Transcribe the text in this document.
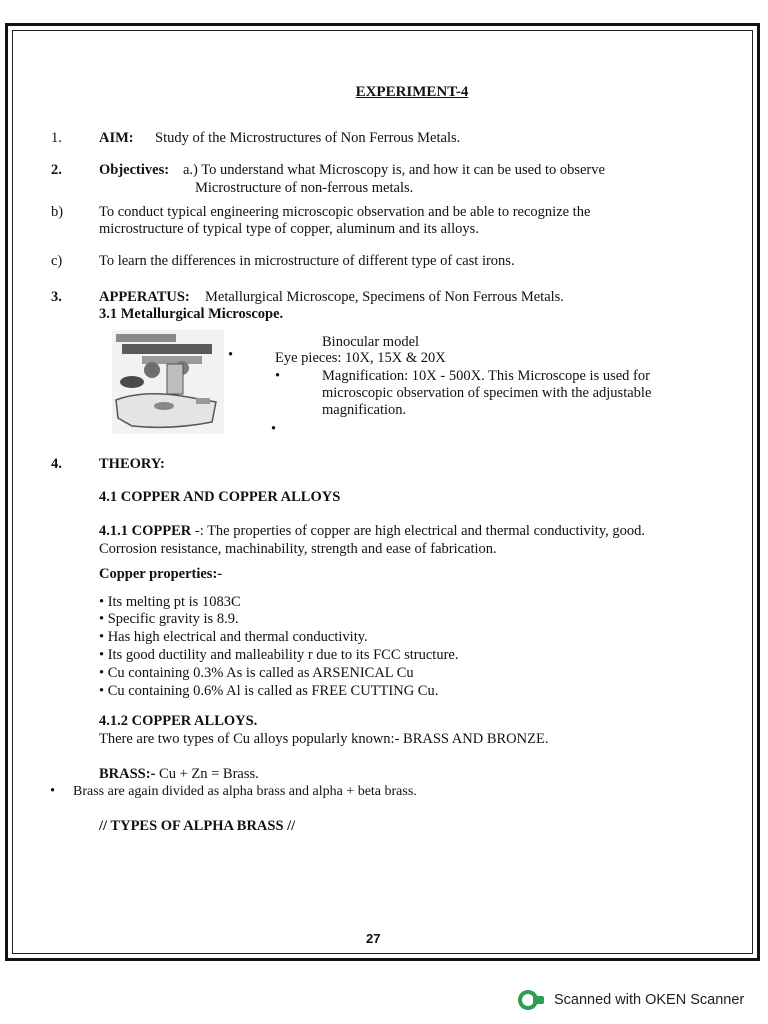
EXPERIMENT-4
1.	AIM: Study of the Microstructures of Non Ferrous Metals.
2.	Objectives: a.) To understand what Microscopy is, and how it can be used to observe
Microstructure of non-ferrous metals.
b) To conduct typical engineering microscopic observation and be able to recognize the
microstructure of typical type of copper, aluminum and its alloys.
c)	To learn the differences in microstructure of different type of cast irons.
3.	APPERATUS: Metallurgical Microscope, Specimens of Non Ferrous Metals.
3.1 Metallurgical Microscope.
•
Binocular model
Eye pieces: 10X, 15X & 20X
•	Magnification: 10X - 500X. This Microscope is used for
microscopic observation of specimen with the adjustable
magnification.
•
4.	THEORY:
4.1 COPPER AND COPPER ALLOYS
4.1.1 COPPER -: The properties of copper are high electrical and thermal conductivity, good.
Corrosion resistance, machinability, strength and ease of fabrication.
Copper properties:-
• Its melting pt is 1083C
• Specific gravity is 8.9.
• Has high electrical and thermal conductivity.
• Its good ductility and malleability r due to its FCC structure.
• Cu containing 0.3% As is called as ARSENICAL Cu
• Cu containing 0.6% Al is called as FREE CUTTING Cu.
4.1.2 COPPER ALLOYS.
There are two types of Cu alloys popularly known:- BRASS AND BRONZE.
BRASS:- Cu + Zn = Brass.
• Brass are again divided as alpha brass and alpha + beta brass.
// TYPES OF ALPHA BRASS //
27
Scanned with OKEN Scanner
